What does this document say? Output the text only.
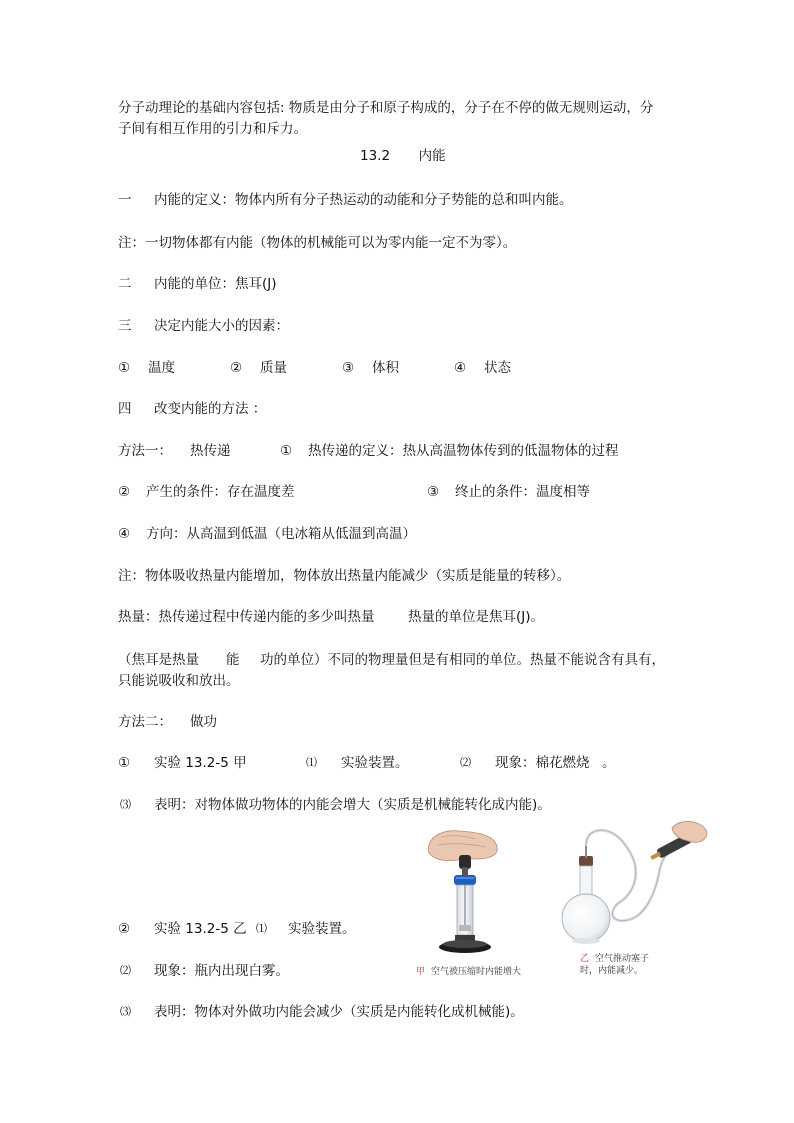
分子动理论的基础内容包括: 物质是由分子和原子构成的，分子在不停的做无规则运动，分
子间有相互作用的引力和斥力。
13.2 内能
一 内能的定义：物体内所有分子热运动的动能和分子势能的总和叫内能。
注：一切物体都有内能（物体的机械能可以为零内能一定不为零）。
二 内能的单位：焦耳(J)
三 决定内能大小的因素：
① 温度	② 质量	③ 体积	④ 状态
四 改变内能的方法 ：
方法一： 热传递	① 热传递的定义：热从高温物体传到的低温物体的过程
② 产生的条件：存在温度差	③ 终止的条件：温度相等
④ 方向：从高温到低温（电冰箱从低温到高温）
注：物体吸收热量内能增加，物体放出热量内能减少（实质是能量的转移）。
热量：热传递过程中传递内能的多少叫热量 热量的单位是焦耳(J)。
（焦耳是热量 能 功的单位）不同的物理量但是有相同的单位。热量不能说含有具有，
只能说吸收和放出。
方法二： 做功
① 实验 13.2-5 甲	⑴ 实验装置。	⑵ 现象：棉花燃烧 。
⑶ 表明：对物体做功物体的内能会增大（实质是机械能转化成内能)。
② 实验 13.2-5 乙 ⑴ 实验装置。
⑵ 现象：瓶内出现白雾。
⑶ 表明：物体对外做功内能会减少（实质是内能转化成机械能)。
甲 空气被压缩时内能增大
乙 空气推动塞子
时，内能减少。
